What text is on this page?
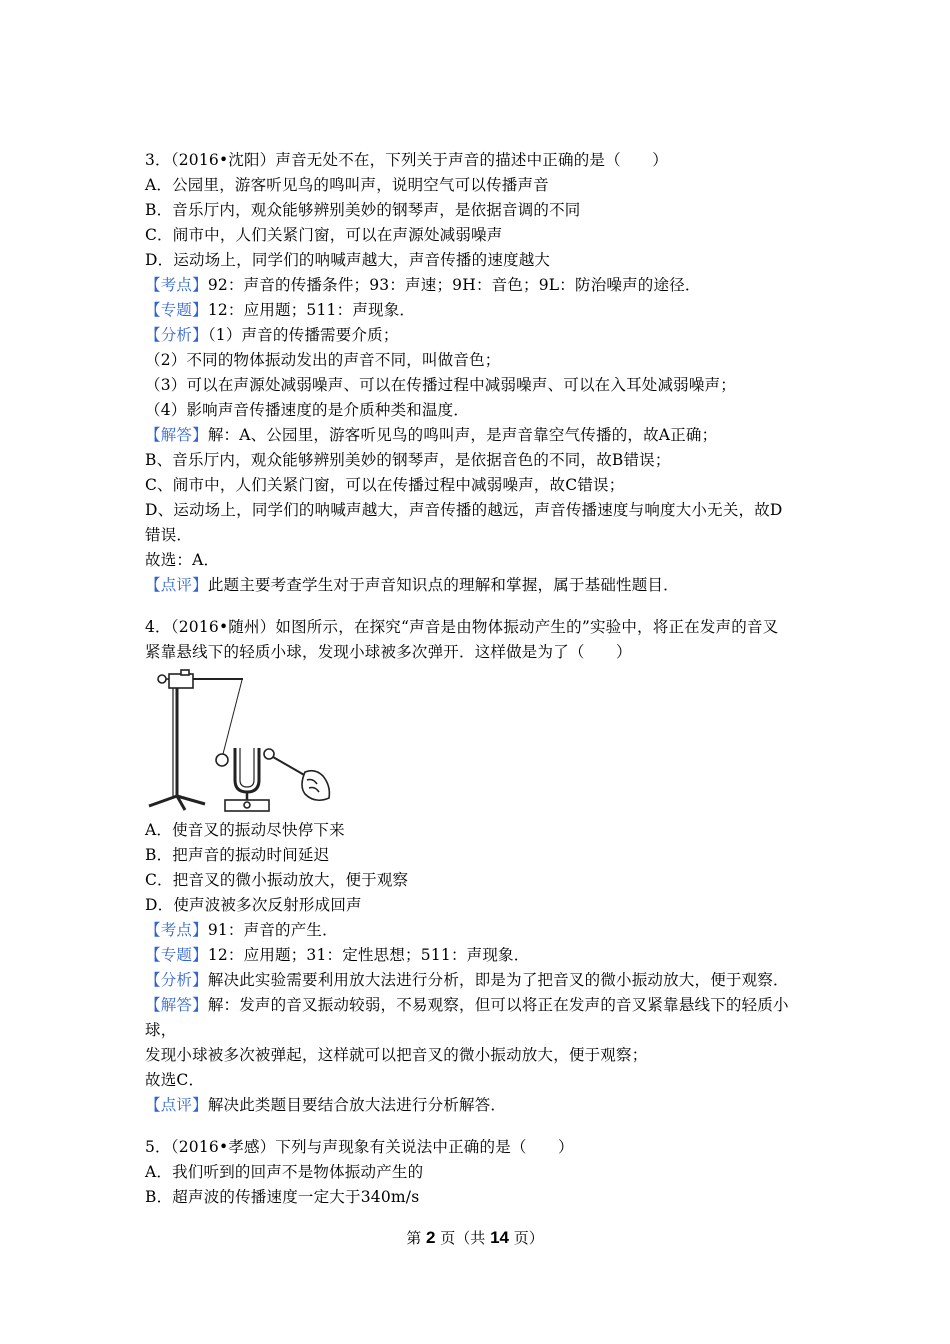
3．（2016•沈阳）声音无处不在，下列关于声音的描述中正确的是（　　）
A．公园里，游客听见鸟的鸣叫声，说明空气可以传播声音
B．音乐厅内，观众能够辨别美妙的钢琴声，是依据音调的不同
C．闹市中，人们关紧门窗，可以在声源处减弱噪声
D．运动场上，同学们的呐喊声越大，声音传播的速度越大
【考点】92：声音的传播条件；93：声速；9H：音色；9L：防治噪声的途径．
【专题】12：应用题；511：声现象．
【分析】（1）声音的传播需要介质；
（2）不同的物体振动发出的声音不同，叫做音色；
（3）可以在声源处减弱噪声、可以在传播过程中减弱噪声、可以在入耳处减弱噪声；
（4）影响声音传播速度的是介质种类和温度．
【解答】解：A、公园里，游客听见鸟的鸣叫声，是声音靠空气传播的，故A正确；
B、音乐厅内，观众能够辨别美妙的钢琴声，是依据音色的不同，故B错误；
C、闹市中，人们关紧门窗，可以在传播过程中减弱噪声，故C错误；
D、运动场上，同学们的呐喊声越大，声音传播的越远，声音传播速度与响度大小无关，故D
错误．
故选：A．
【点评】此题主要考查学生对于声音知识点的理解和掌握，属于基础性题目．
4．（2016•随州）如图所示，在探究“声音是由物体振动产生的”实验中，将正在发声的音叉
紧靠悬线下的轻质小球，发现小球被多次弹开．这样做是为了（　　）
A．使音叉的振动尽快停下来
B．把声音的振动时间延迟
C．把音叉的微小振动放大，便于观察
D．使声波被多次反射形成回声
【考点】91：声音的产生．
【专题】12：应用题；31：定性思想；511：声现象．
【分析】解决此实验需要利用放大法进行分析，即是为了把音叉的微小振动放大，便于观察．
【解答】解：发声的音叉振动较弱，不易观察，但可以将正在发声的音叉紧靠悬线下的轻质小
球，
发现小球被多次被弹起，这样就可以把音叉的微小振动放大，便于观察；
故选C．
【点评】解决此类题目要结合放大法进行分析解答．
5．（2016•孝感）下列与声现象有关说法中正确的是（　　）
A．我们听到的回声不是物体振动产生的
B．超声波的传播速度一定大于340m/s
第 2 页（共 14 页）
